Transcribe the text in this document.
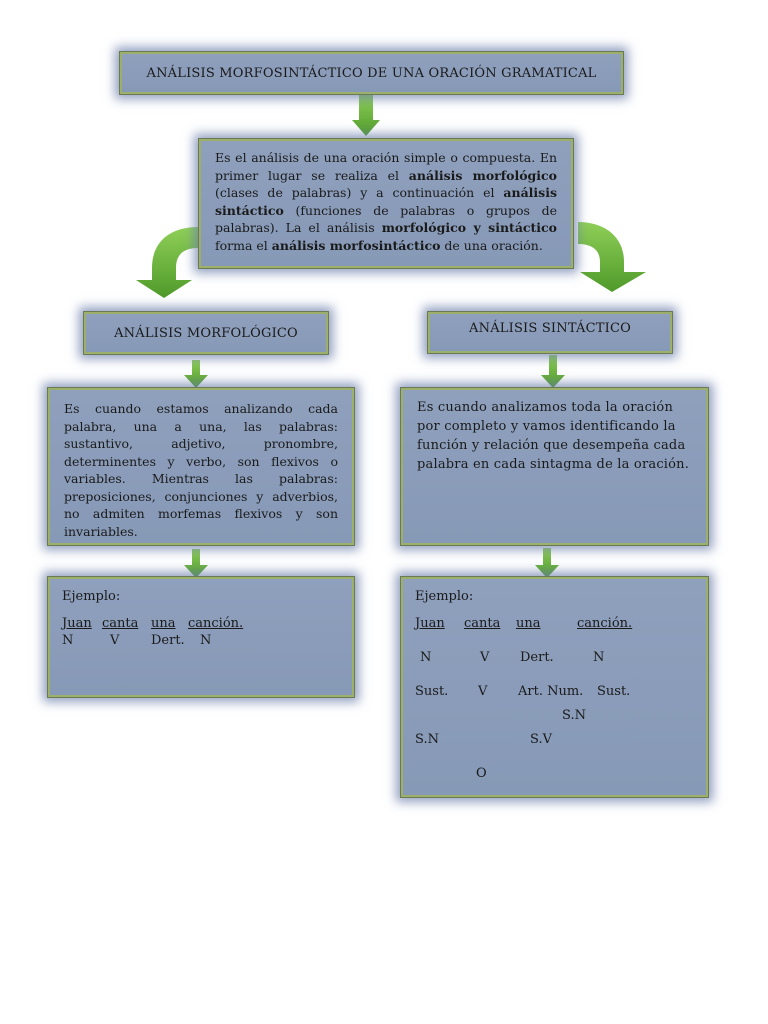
ANÁLISIS MORFOSINTÁCTICO DE UNA ORACIÓN GRAMATICAL
Es el análisis de una oración simple o compuesta. En primer lugar se realiza el análisis morfológico (clases de palabras) y a continuación el análisis sintáctico (funciones de palabras o grupos de palabras). La el análisis morfológico y sintáctico forma el análisis morfosintáctico de una oración.
ANÁLISIS MORFOLÓGICO	ANÁLISIS SINTÁCTICO
Es cuando estamos analizando cada palabra, una a una, las palabras: sustantivo, adjetivo, pronombre, determinentes y verbo, son flexivos o variables. Mientras las palabras: preposiciones, conjunciones y adverbios, no admiten morfemas flexivos y son invariables.
Es cuando analizamos toda la oración por completo y vamos identificando la función y relación que desempeña cada palabra en cada sintagma de la oración.
Ejemplo:
Juan canta una canción.
N	V Dert. N
Ejemplo:
Juan canta una	canción.
N	V Dert.	N
Sust. V Art. Num. Sust.
S.N
S.N	S.V
O
